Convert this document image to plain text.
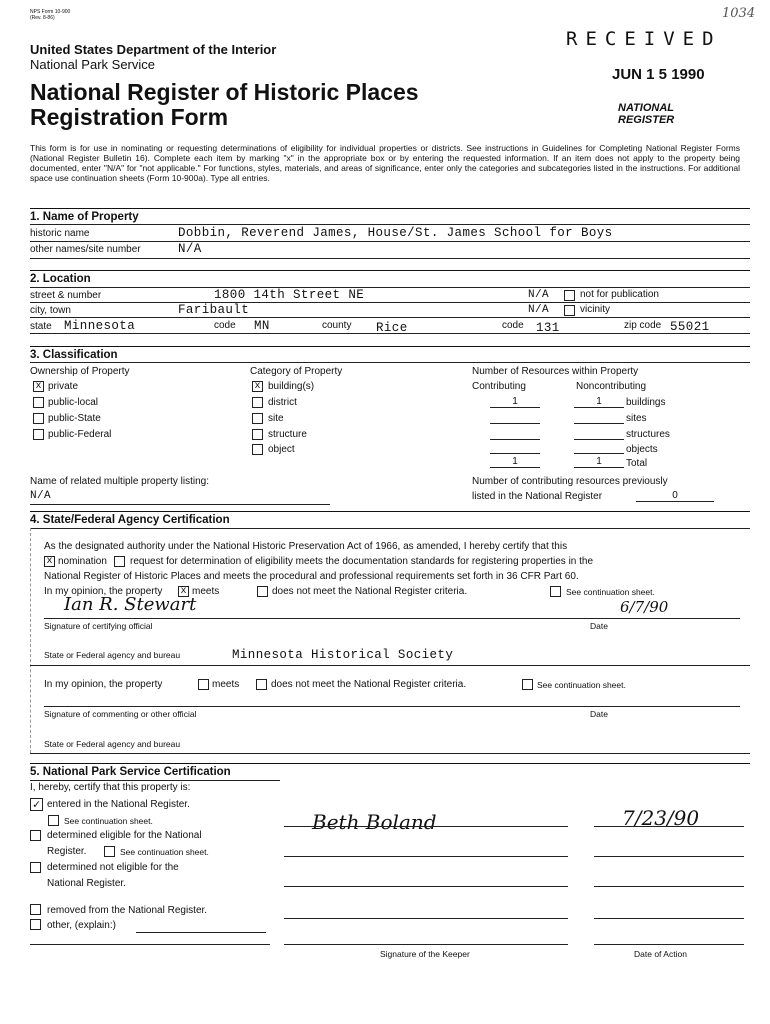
NPS Form 10-900
(Rev. 8-86)	1034
United States Department of the Interior
National Park Service
National Register of Historic Places
Registration Form
RECEIVED
JUN 1 5 1990
NATIONAL
REGISTER
This form is for use in nominating or requesting determinations of eligibility for individual properties or districts. See instructions in Guidelines for Completing National Register Forms (National Register Bulletin 16). Complete each item by marking "x" in the appropriate box or by entering the requested information. If an item does not apply to the property being documented, enter "N/A" for "not applicable." For functions, styles, materials, and areas of significance, enter only the categories and subcategories listed in the instructions. For additional space use continuation sheets (Form 10-900a). Type all entries.
1. Name of Property
historic name	Dobbin, Reverend James, House/St. James School for Boys
other names/site number	N/A
2. Location
street & number	1800 14th Street NE	N/A	not for publication
city, town	Faribault	N/A	vicinity
state Minnesota	code MN	county Rice	code 131	zip code 55021
3. Classification
Ownership of Property
x private
public-local
public-State
public-Federal
Category of Property
x building(s)
district
site
structure
object
Number of Resources within Property
Contributing	Noncontributing
1	1	buildings

sites

structures

objects
1	1	Total
Name of related multiple property listing:
N/A
Number of contributing resources previously
listed in the National Register	0
4. State/Federal Agency Certification
As the designated authority under the National Historic Preservation Act of 1966, as amended, I hereby certify that this
x nomination request for determination of eligibility meets the documentation standards for registering properties in the
National Register of Historic Places and meets the procedural and professional requirements set forth in 36 CFR Part 60.
In my opinion, the property x meets	does not meet the National Register criteria.	See continuation sheet.
Ian R. Stewart	6/7/90
Signature of certifying official	Date
State or Federal agency and bureau	Minnesota Historical Society
In my opinion, the property	meets	does not meet the National Register criteria.	See continuation sheet.
Signature of commenting or other official	Date
State or Federal agency and bureau
5. National Park Service Certification
I, hereby, certify that this property is:
✓ entered in the National Register.
See continuation sheet.
determined eligible for the National
Register.	See continuation sheet.
determined not eligible for the
National Register.
removed from the National Register.
other, (explain:)
Beth Boland
Signature of the Keeper
7/23/90
Date of Action
